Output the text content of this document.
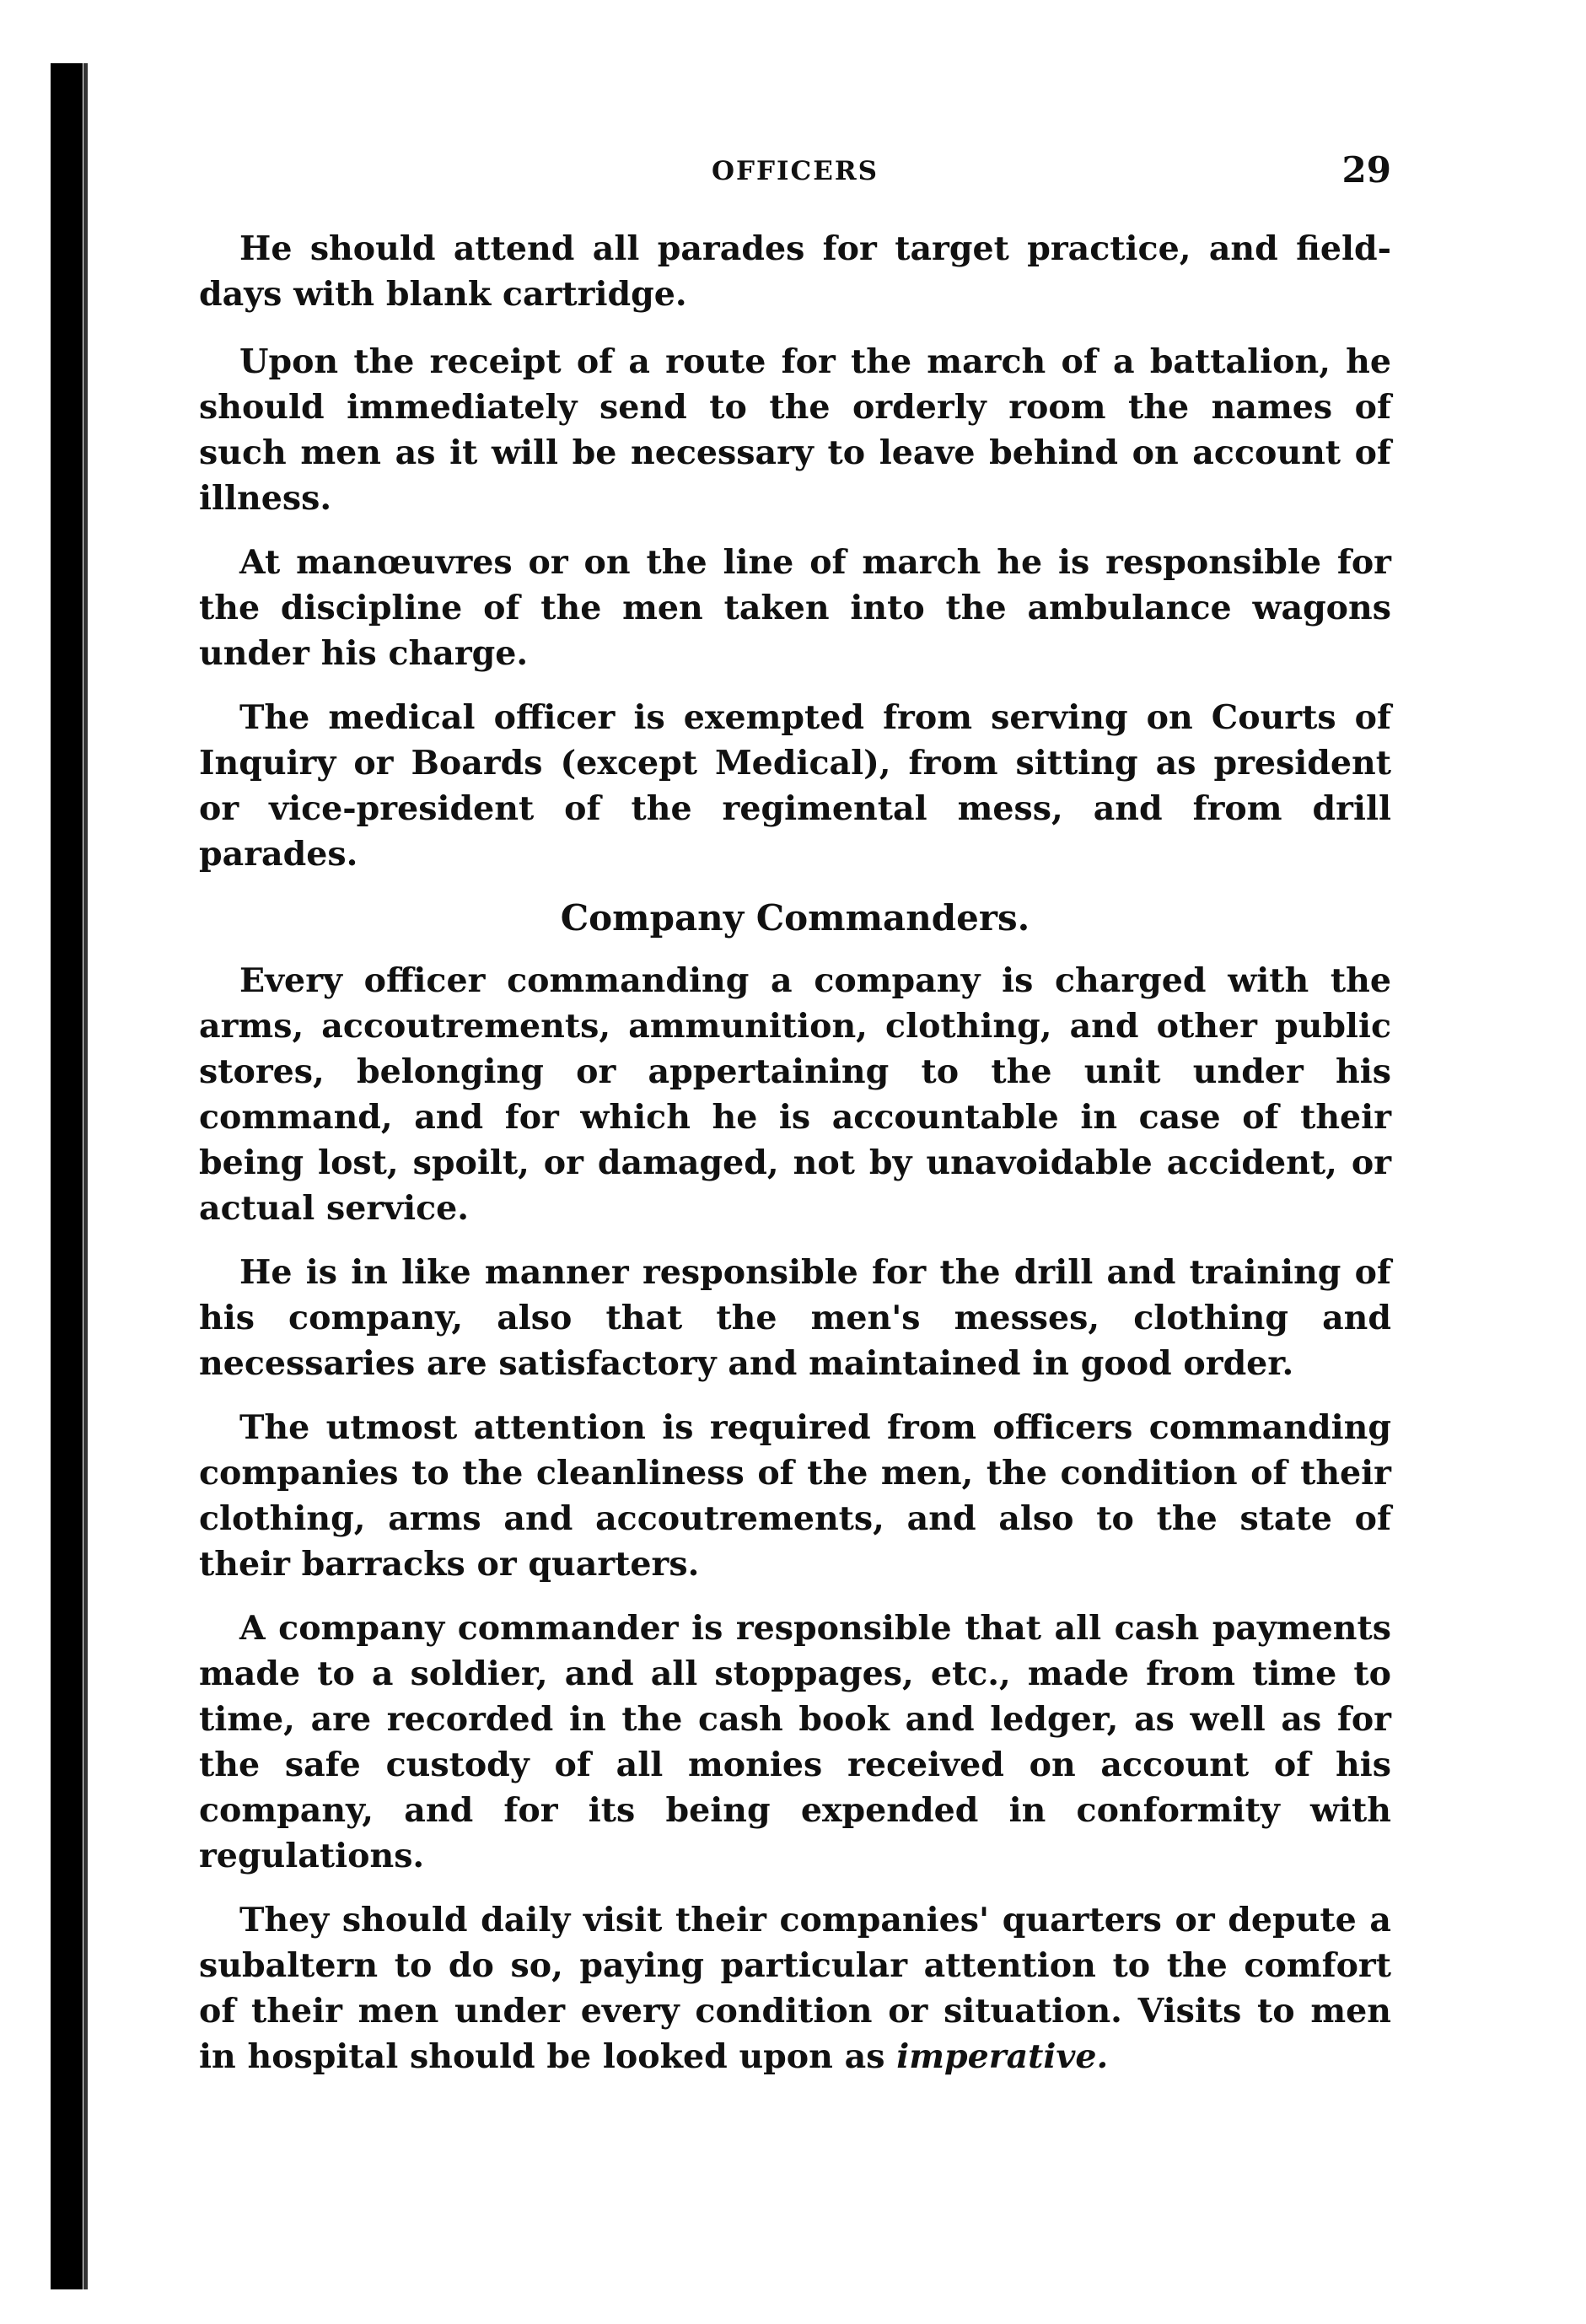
OFFICERS	29

He should attend all parades for target practice, and field-days with blank cartridge.

Upon the receipt of a route for the march of a battalion, he should immediately send to the orderly room the names of such men as it will be necessary to leave behind on account of illness.

At manœuvres or on the line of march he is responsible for the discipline of the men taken into the ambulance wagons under his charge.

The medical officer is exempted from serving on Courts of Inquiry or Boards (except Medical), from sitting as president or vice-president of the regimental mess, and from drill parades.

Company Commanders.

Every officer commanding a company is charged with the arms, accoutrements, ammunition, clothing, and other public stores, belonging or appertaining to the unit under his command, and for which he is accountable in case of their being lost, spoilt, or damaged, not by unavoidable accident, or actual service.

He is in like manner responsible for the drill and training of his company, also that the men's messes, clothing and necessaries are satisfactory and maintained in good order.

The utmost attention is required from officers commanding companies to the cleanliness of the men, the condition of their clothing, arms and accoutrements, and also to the state of their barracks or quarters.

A company commander is responsible that all cash payments made to a soldier, and all stoppages, etc., made from time to time, are recorded in the cash book and ledger, as well as for the safe custody of all monies received on account of his company, and for its being expended in conformity with regulations.

They should daily visit their companies' quarters or depute a subaltern to do so, paying particular attention to the comfort of their men under every condition or situation. Visits to men in hospital should be looked upon as imperative.
